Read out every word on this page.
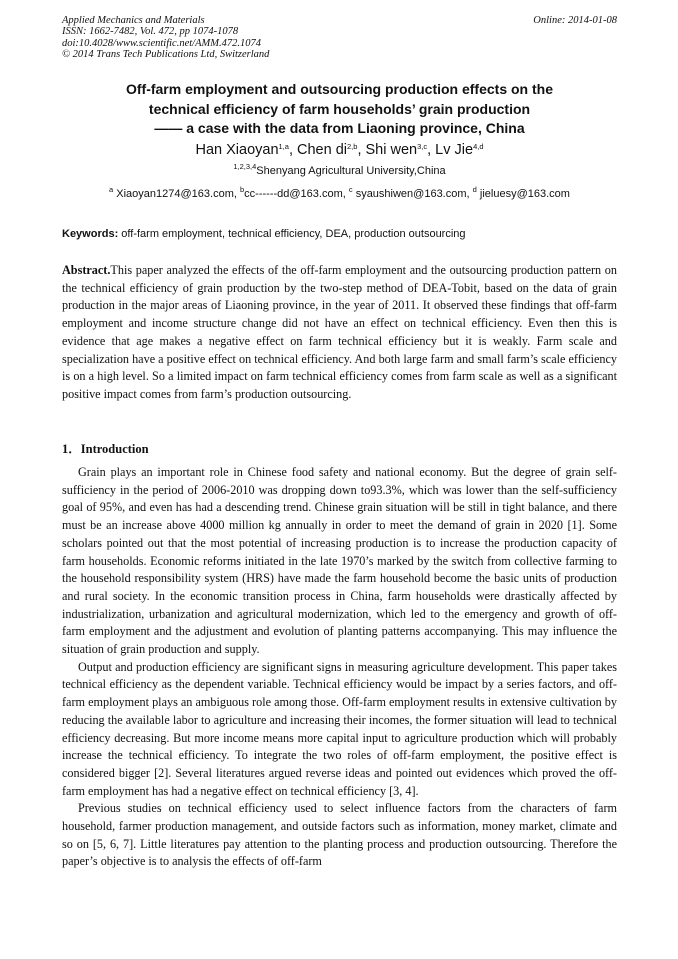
Applied Mechanics and Materials
ISSN: 1662-7482, Vol. 472, pp 1074-1078
doi:10.4028/www.scientific.net/AMM.472.1074
© 2014 Trans Tech Publications Ltd, Switzerland
Online: 2014-01-08
Off-farm employment and outsourcing production effects on the
technical efficiency of farm households’ grain production
—— a case with the data from Liaoning province, China
Han Xiaoyan$^{1,a}$, Chen di$^{2,b}$, Shi wen$^{3,c}$, Lv Jie$^{4,d}$
$^{1,2,3,4}$Shenyang Agricultural University,China
$^a$ Xiaoyan1274@163.com, $^b$cc------dd@163.com, $^c$ syaushiwen@163.com, $^d$ jieluesy@163.com
Keywords: off-farm employment, technical efficiency, DEA, production outsourcing
Abstract.This paper analyzed the effects of the off-farm employment and the outsourcing production pattern on the technical efficiency of grain production by the two-step method of DEA-Tobit, based on the data of grain production in the major areas of Liaoning province, in the year of 2011. It observed these findings that off-farm employment and income structure change did not have an effect on technical efficiency. Even then this is evidence that age makes a negative effect on farm technical efficiency but it is weakly. Farm scale and specialization have a positive effect on technical efficiency. And both large farm and small farm’s scale efficiency is on a high level. So a limited impact on farm technical efficiency comes from farm scale as well as a significant positive impact comes from farm’s production outsourcing.
1．Introduction

Grain plays an important role in Chinese food safety and national economy. But the degree of grain self-sufficiency in the period of 2006-2010 was dropping down to93.3%, which was lower than the self-sufficiency goal of 95%, and even has had a descending trend. Chinese grain situation will be still in tight balance, and there must be an increase above 4000 million kg annually in order to meet the demand of grain in 2020 [1]. Some scholars pointed out that the most potential of increasing production is to increase the production capacity of farm households. Economic reforms initiated in the late 1970’s marked by the switch from collective farming to the household responsibility system (HRS) have made the farm household become the basic units of production and rural society. In the economic transition process in China, farm households were drastically affected by industrialization, urbanization and agricultural modernization, which led to the emergency and growth of off-farm employment and the adjustment and evolution of planting patterns accompanying. This may influence the situation of grain production and supply.

Output and production efficiency are significant signs in measuring agriculture development. This paper takes technical efficiency as the dependent variable. Technical efficiency would be impact by a series factors, and off-farm employment plays an ambiguous role among those. Off-farm employment results in extensive cultivation by reducing the available labor to agriculture and increasing their incomes, the former situation will lead to technical efficiency decreasing. But more income means more capital input to agriculture production which will probably increase the technical efficiency. To integrate the two roles of off-farm employment, the positive effect is considered bigger [2]. Several literatures argued reverse ideas and pointed out evidences which proved the off-farm employment has had a negative effect on technical efficiency [3, 4].

Previous studies on technical efficiency used to select influence factors from the characters of farm household, farmer production management, and outside factors such as information, money market, climate and so on [5, 6, 7]. Little literatures pay attention to the planting process and production outsourcing. Therefore the paper’s objective is to analysis the effects of off-farm
